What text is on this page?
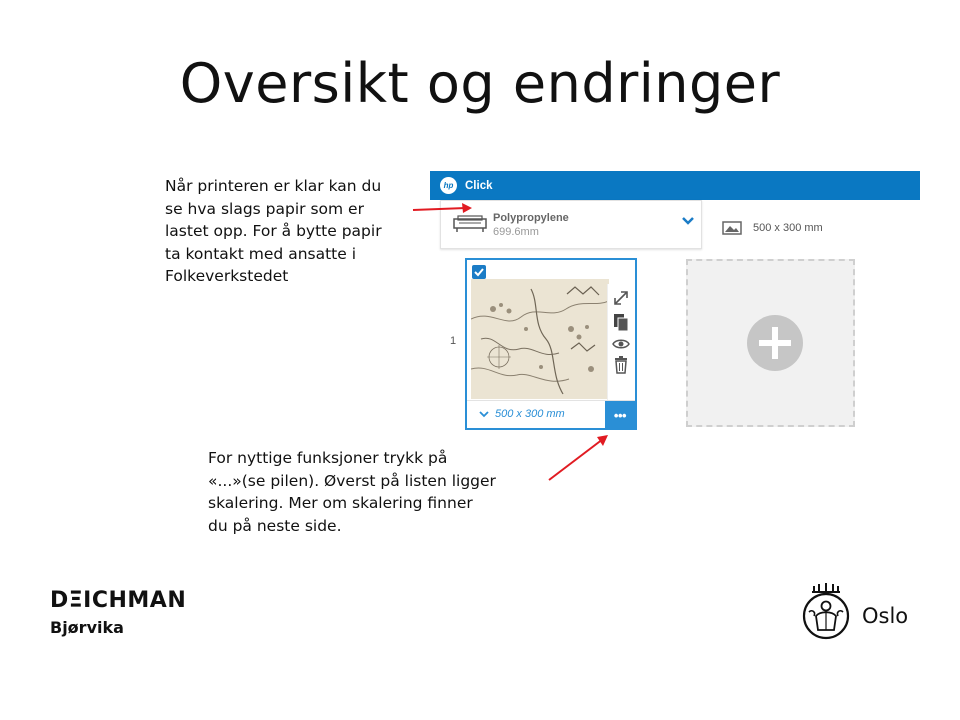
Oversikt og endringer
Når printeren er klar kan du
se hva slags papir som er
lastet opp. For å bytte papir
ta kontakt med ansatte i
Folkeverkstedet
hp	Click
Polypropylene
699.6mm	500 x 300 mm
1
500 x 300 mm	•••
For nyttige funksjoner trykk på
«...»(se pilen). Øverst på listen ligger
skalering. Mer om skalering finner
du på neste side.
DΞICHMAN
Bjørvika	Oslo
